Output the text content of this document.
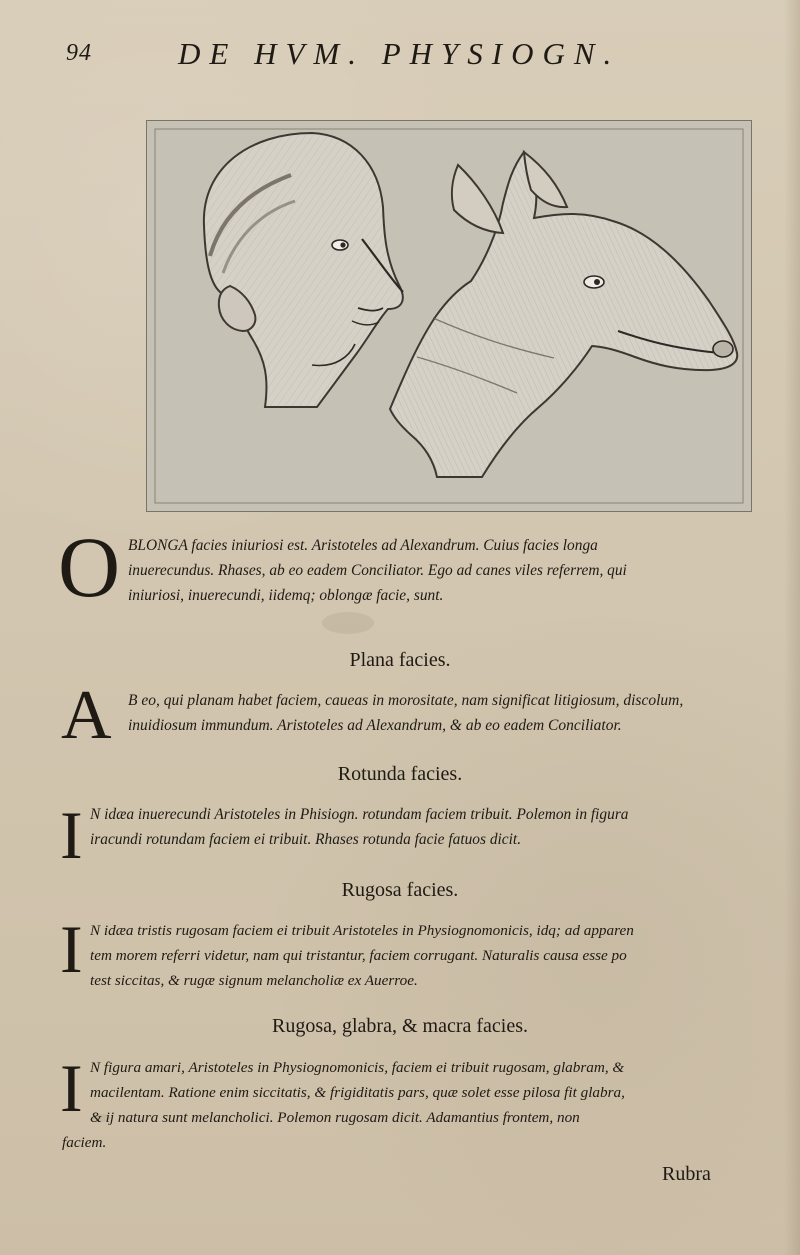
94	DE HVM. PHYSIOGN.
O BLONGA facies iniuriosi est. Aristoteles ad Alexandrum. Cuius facies longa
inuerecundus. Rhases, ab eo eadem Conciliator. Ego ad canes viles referrem, qui
iniuriosi, inuerecundi, iidemq; oblongæ facie, sunt.
Plana facies.
A B eo, qui planam habet faciem, caueas in morositate, nam significat litigiosum, discolum,
inuidiosum immundum. Aristoteles ad Alexandrum, & ab eo eadem Conciliator.
Rotunda facies.
I N idæa inuerecundi Aristoteles in Phisiogn. rotundam faciem tribuit. Polemon in figura
iracundi rotundam faciem ei tribuit. Rhases rotunda facie fatuos dicit.
Rugosa facies.
I N idæa tristis rugosam faciem ei tribuit Aristoteles in Physiognomonicis, idq; ad apparen
tem morem referri videtur, nam qui tristantur, faciem corrugant. Naturalis causa esse po
test siccitas, & rugæ signum melancholiæ ex Auerroe.
Rugosa, glabra, & macra facies.
I N figura amari, Aristoteles in Physiognomonicis, faciem ei tribuit rugosam, glabram, &
macilentam. Ratione enim siccitatis, & frigiditatis pars, quæ solet esse pilosa fit glabra,
& ij natura sunt melancholici. Polemon rugosam dicit. Adamantius frontem, non
faciem.
Rubra
